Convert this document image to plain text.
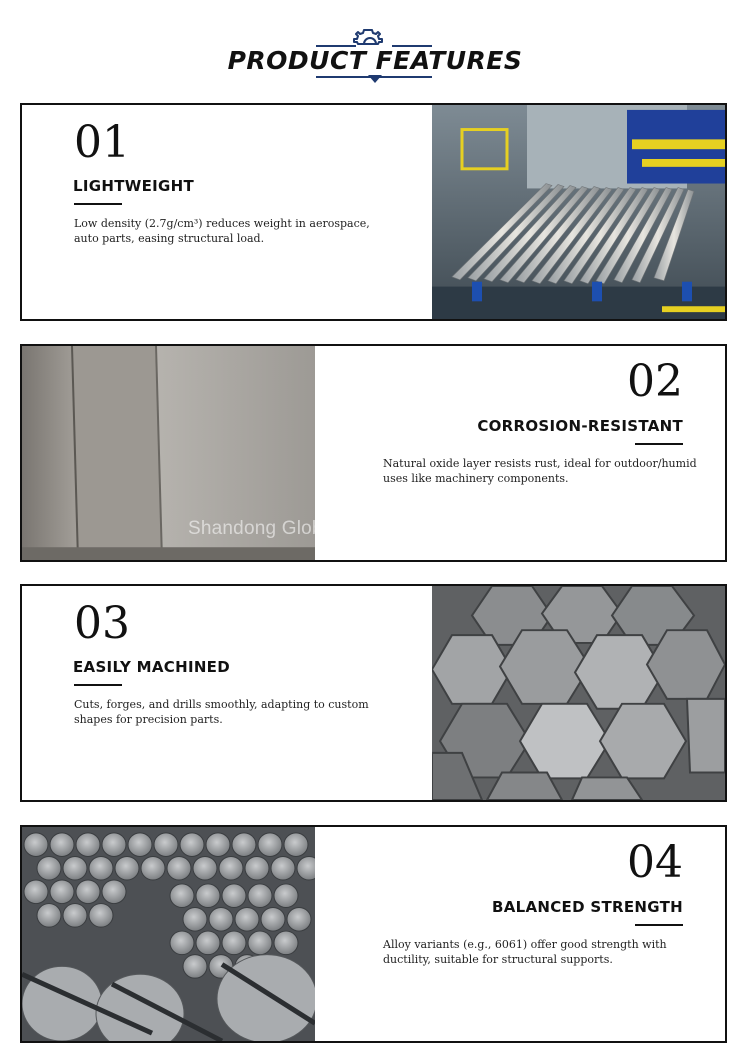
PRODUCT FEATURES
01
LIGHTWEIGHT
Low density (2.7g/cm³) reduces weight in aerospace, auto parts, easing structural load.
02
CORROSION-RESISTANT
Natural oxide layer resists rust, ideal for outdoor/humid uses like machinery components.
Shandong Global Steel Group Co. Ltd.
03
EASILY MACHINED
Cuts, forges, and drills smoothly, adapting to custom shapes for precision parts.
04
BALANCED STRENGTH
Alloy variants (e.g., 6061) offer good strength with ductility, suitable for structural supports.
